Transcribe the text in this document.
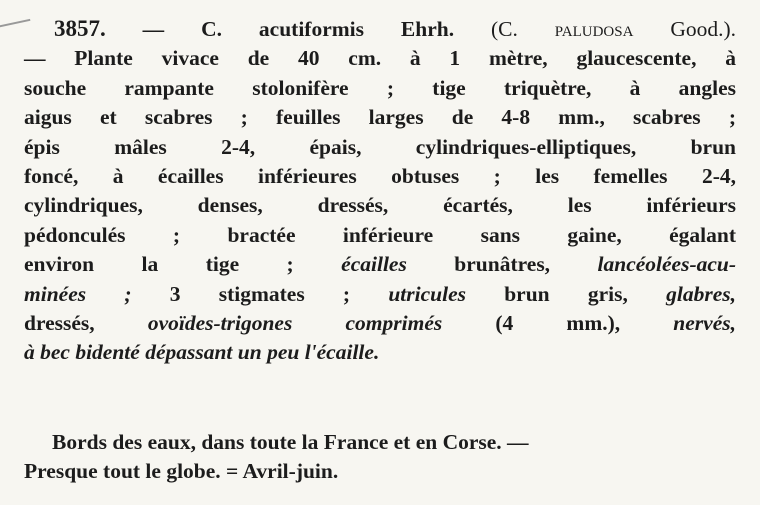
3857. — C. acutiformis Ehrh. (C. paludosa Good.).
— Plante vivace de 40 cm. à 1 mètre, glaucescente, à
souche rampante stolonifère ; tige triquètre, à angles
aigus et scabres ; feuilles larges de 4-8 mm., scabres ;
épis mâles 2-4, épais, cylindriques-elliptiques, brun
foncé, à écailles inférieures obtuses ; les femelles 2-4,
cylindriques, denses, dressés, écartés, les inférieurs
pédonculés ; bractée inférieure sans gaine, égalant
environ la tige ; écailles brunâtres, lancéolées-acu-
minées ; 3 stigmates ; utricules brun gris, glabres,
dressés, ovoïdes-trigones comprimés (4 mm.), nervés,
à bec bidenté dépassant un peu l'écaille.
Bords des eaux, dans toute la France et en Corse. —
Presque tout le globe. = Avril-juin.
